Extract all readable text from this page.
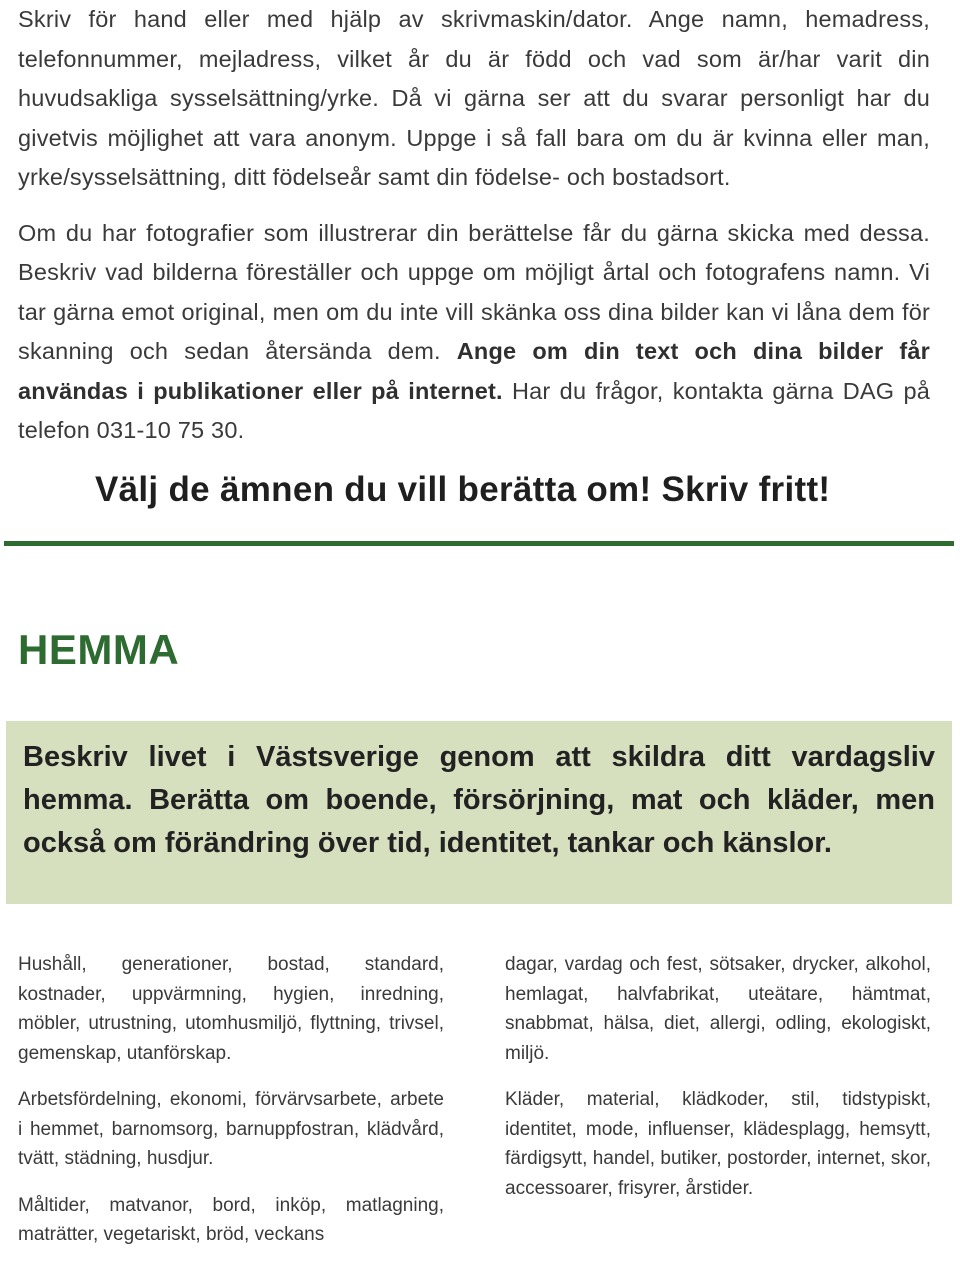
Skriv för hand eller med hjälp av skrivmaskin/dator. Ange namn, hemadress, telefonnummer, mejladress, vilket år du är född och vad som är/har varit din huvudsakliga sysselsättning/yrke. Då vi gärna ser att du svarar personligt har du givetvis möjlighet att vara anonym. Uppge i så fall bara om du är kvinna eller man, yrke/sysselsättning, ditt födelseår samt din födelse- och bostadsort.

Om du har fotografier som illustrerar din berättelse får du gärna skicka med dessa. Beskriv vad bilderna föreställer och uppge om möjligt årtal och fotografens namn. Vi tar gärna emot original, men om du inte vill skänka oss dina bilder kan vi låna dem för skanning och sedan återsända dem. Ange om din text och dina bilder får användas i publikationer eller på internet. Har du frågor, kontakta gärna DAG på telefon 031-10 75 30.

Välj de ämnen du vill berätta om! Skriv fritt!
HEMMA

Beskriv livet i Västsverige genom att skildra ditt vardagsliv hemma. Berätta om boende, försörjning, mat och kläder, men också om förändring över tid, identitet, tankar och känslor.

Hushåll, generationer, bostad, standard, kostnader, uppvärmning, hygien, inredning, möbler, utrustning, utomhusmiljö, flyttning, trivsel, gemenskap, utanförskap.

Arbetsfördelning, ekonomi, förvärvsarbete, arbete i hemmet, barnomsorg, barnuppfostran, klädvård, tvätt, städning, husdjur.

Måltider, matvanor, bord, inköp, matlagning, maträtter, vegetariskt, bröd, veckans

dagar, vardag och fest, sötsaker, drycker, alkohol, hemlagat, halvfabrikat, uteätare, hämtmat, snabbmat, hälsa, diet, allergi, odling, ekologiskt, miljö.

Kläder, material, klädkoder, stil, tidstypiskt, identitet, mode, influenser, klädesplagg, hemsytt, färdigsytt, handel, butiker, postorder, internet, skor, accessoarer, frisyrer, årstider.
